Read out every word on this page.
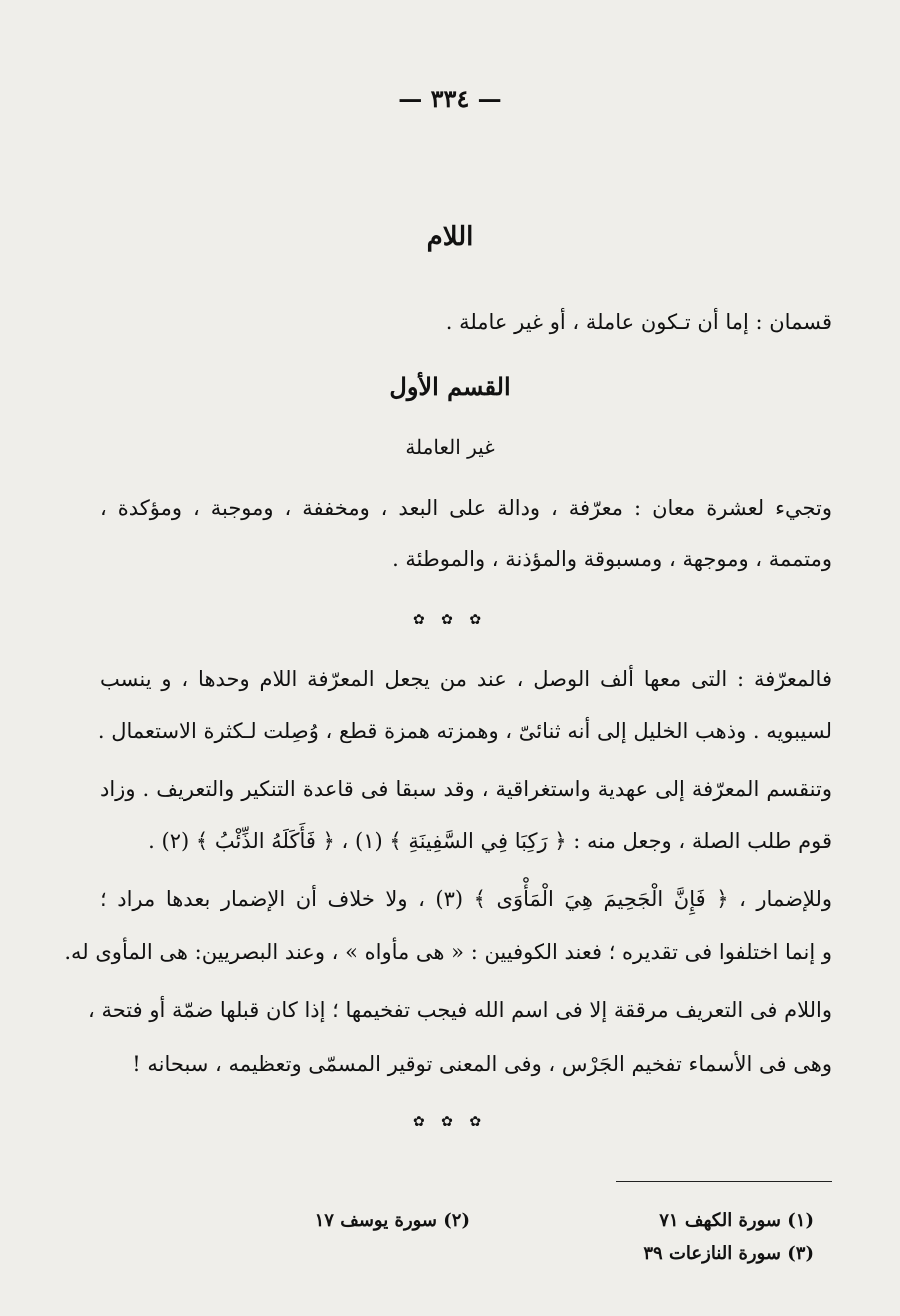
— ٣٣٤ —
اللام
قسمان : إما أن تـكون عاملة ، أو غير عاملة .
القسم الأول
غير العاملة
وتجيء لعشرة معان : معرّفة ، ودالة على البعد ، ومخففة ، وموجبة ، ومؤكدة ،
ومتممة ، وموجهة ، ومسبوقة والمؤذنة ، والموطئة .
✿ ✿ ✿
فالمعرّفة : التى معها ألف الوصل ، عند من يجعل المعرّفة اللام وحدها ، و ينسب
لسيبويه . وذهب الخليل إلى أنه ثنائىّ ، وهمزته همزة قطع ، وُصِلت لـكثرة الاستعمال .
وتنقسم المعرّفة إلى عهدية واستغراقية ، وقد سبقا فى قاعدة التنكير والتعريف . وزاد
قوم طلب الصلة ، وجعل منه : ﴿ رَكِبَا فِي السَّفِينَةِ ﴾ (١) ، ﴿ فَأَكَلَهُ الذِّئْبُ ﴾ (٢) .
وللإضمار ، ﴿ فَإِنَّ الْجَحِيمَ هِيَ الْمَأْوَى ﴾ (٣) ، ولا خلاف أن الإضمار بعدها مراد ؛
و إنما اختلفوا فى تقديره ؛ فعند الكوفيين : « هى مأواه » ، وعند البصريين: هى المأوى له.
واللام فى التعريف مرققة إلا فى اسم الله فيجب تفخيمها ؛ إذا كان قبلها ضمّة أو فتحة ،
وهى فى الأسماء تفخيم الجَرْس ، وفى المعنى توقير المسمّى وتعظيمه ، سبحانه !
✿ ✿ ✿
(١) سورة الكهف ٧١
(٢) سورة يوسف ١٧
(٣) سورة النازعات ٣٩
